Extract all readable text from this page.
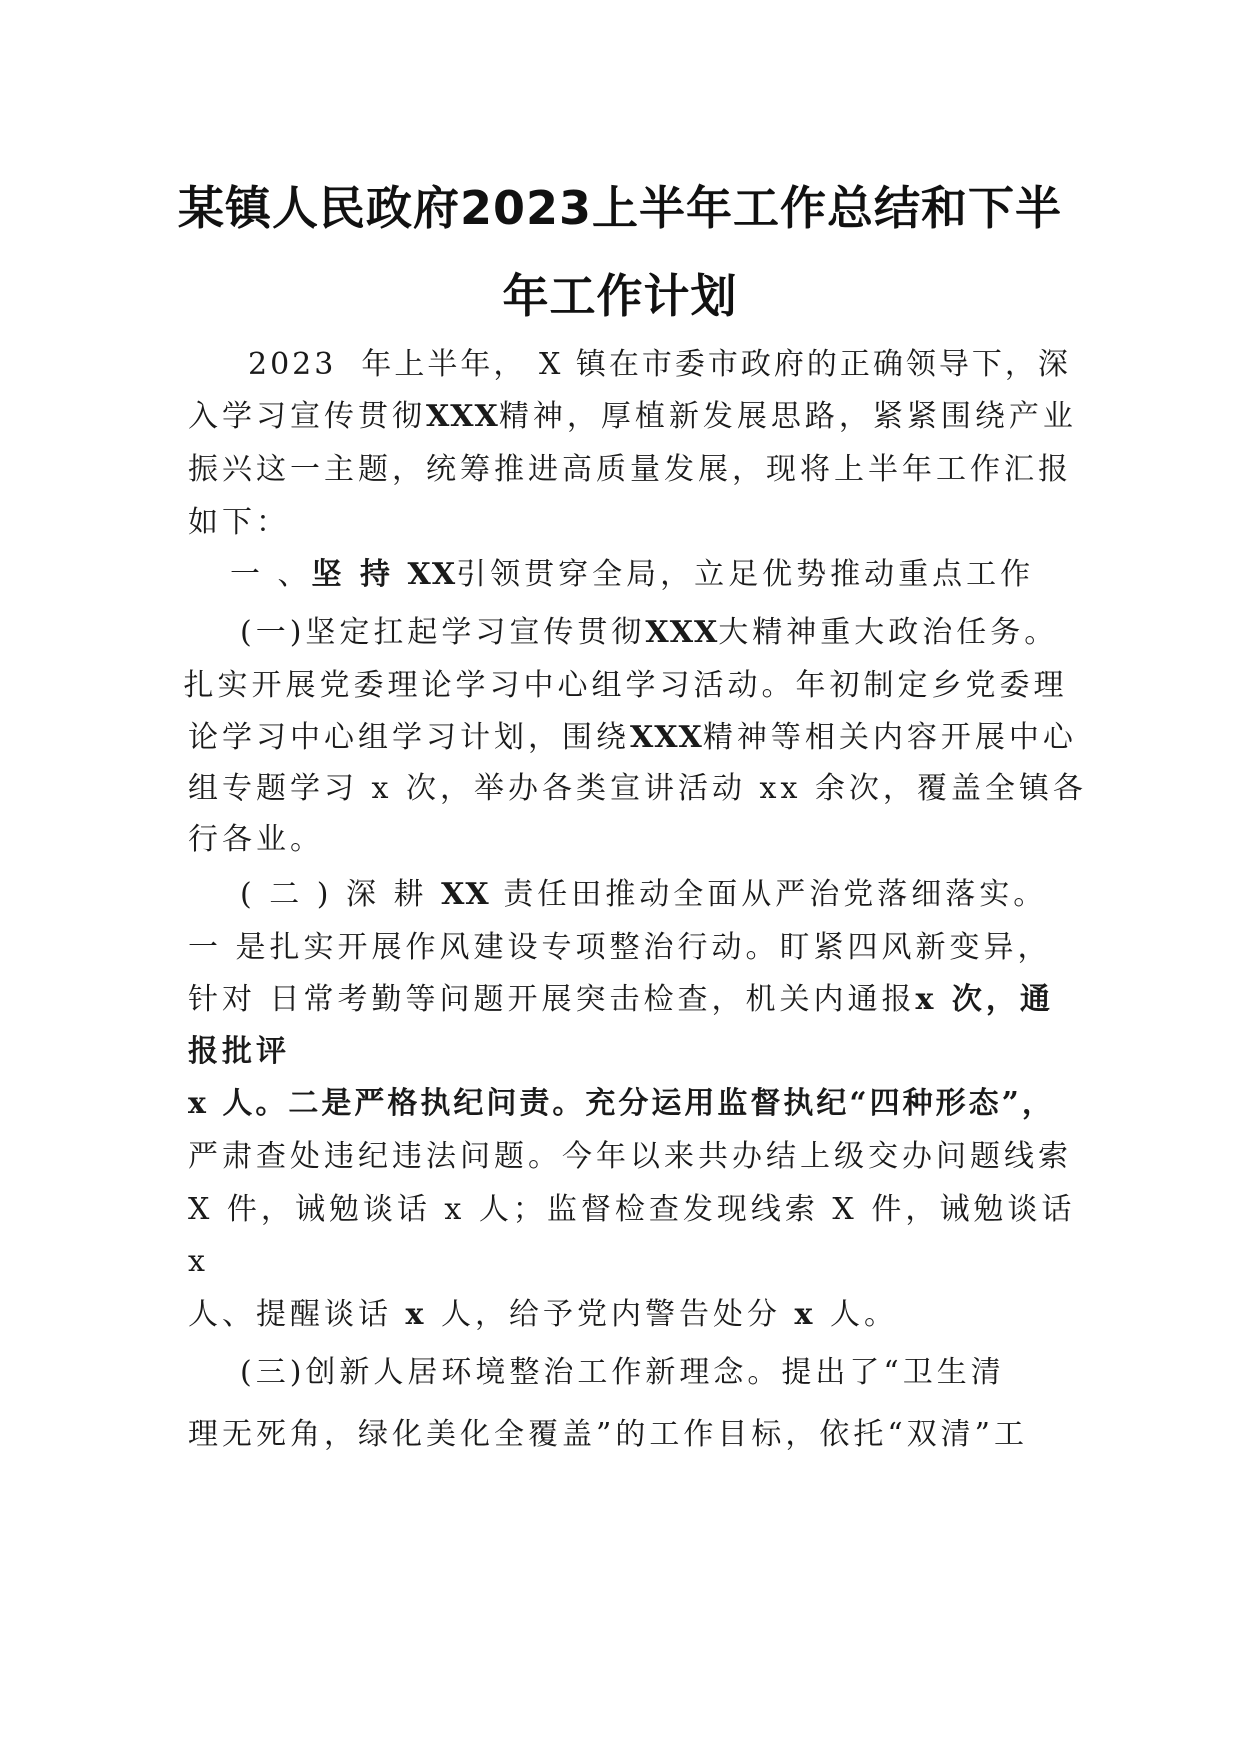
某镇人民政府2023上半年工作总结和下半
年工作计划
2023  年上半年， X 镇在市委市政府的正确领导下，深
入学习宣传贯彻XXX精神，厚植新发展思路，紧紧围绕产业
振兴这一主题，统筹推进高质量发展，现将上半年工作汇报
如下：
一 、坚 持 XX引领贯穿全局，立足优势推动重点工作
(一)坚定扛起学习宣传贯彻XXX大精神重大政治任务。
扎实开展党委理论学习中心组学习活动。年初制定乡党委理
论学习中心组学习计划，围绕XXX精神等相关内容开展中心
组专题学习 x 次，举办各类宣讲活动 xx 余次，覆盖全镇各
行各业。
( 二 ) 深 耕 XX 责任田推动全面从严治党落细落实。
一 是扎实开展作风建设专项整治行动。盯紧四风新变异，
针对 日常考勤等问题开展突击检查，机关内通报x 次，通
报批评
x 人。二是严格执纪问责。充分运用监督执纪“四种形态”，
严肃查处违纪违法问题。今年以来共办结上级交办问题线索
X 件，诫勉谈话 x 人；监督检查发现线索 X 件，诫勉谈话
x
人、提醒谈话 x 人，给予党内警告处分 x 人。
(三)创新人居环境整治工作新理念。提出了“卫生清
理无死角，绿化美化全覆盖”的工作目标，依托“双清”工
